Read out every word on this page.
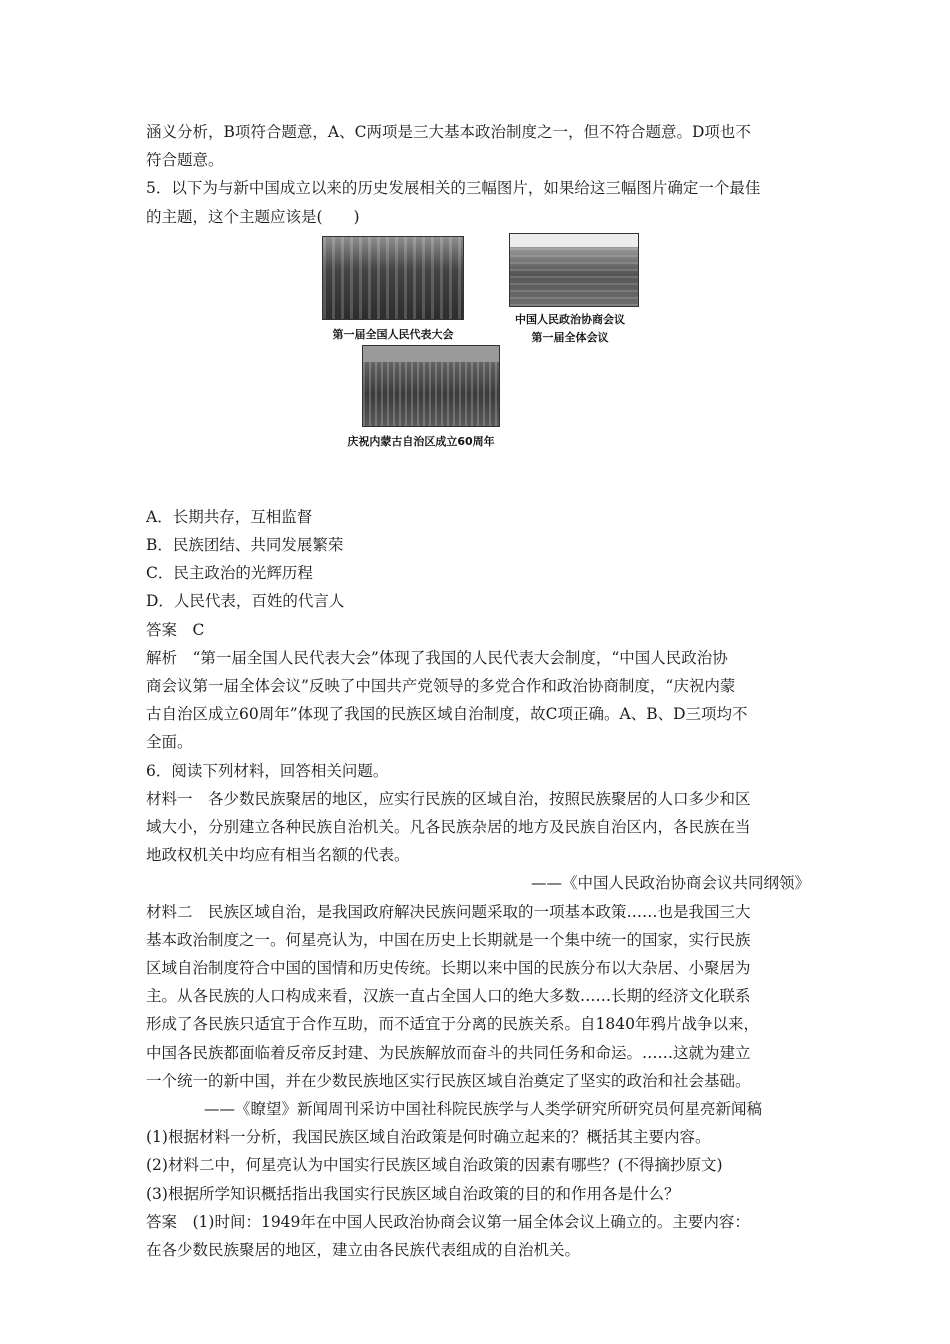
涵义分析，B项符合题意，A、C两项是三大基本政治制度之一，但不符合题意。D项也不

符合题意。

5．以下为与新中国成立以来的历史发展相关的三幅图片，如果给这三幅图片确定一个最佳

的主题，这个主题应该是(　　)

第一届全国人民代表大会
中国人民政治协商会议
第一届全体会议
庆祝内蒙古自治区成立60周年

A．长期共存，互相监督

B．民族团结、共同发展繁荣

C．民主政治的光辉历程

D．人民代表，百姓的代言人

答案　C

解析　“第一届全国人民代表大会”体现了我国的人民代表大会制度，“中国人民政治协

商会议第一届全体会议”反映了中国共产党领导的多党合作和政治协商制度，“庆祝内蒙

古自治区成立60周年”体现了我国的民族区域自治制度，故C项正确。A、B、D三项均不

全面。

6．阅读下列材料，回答相关问题。

材料一　各少数民族聚居的地区，应实行民族的区域自治，按照民族聚居的人口多少和区

域大小，分别建立各种民族自治机关。凡各民族杂居的地方及民族自治区内，各民族在当

地政权机关中均应有相当名额的代表。

——《中国人民政治协商会议共同纲领》

材料二　民族区域自治，是我国政府解决民族问题采取的一项基本政策……也是我国三大

基本政治制度之一。何星亮认为，中国在历史上长期就是一个集中统一的国家，实行民族

区域自治制度符合中国的国情和历史传统。长期以来中国的民族分布以大杂居、小聚居为

主。从各民族的人口构成来看，汉族一直占全国人口的绝大多数……长期的经济文化联系

形成了各民族只适宜于合作互助，而不适宜于分离的民族关系。自1840年鸦片战争以来，

中国各民族都面临着反帝反封建、为民族解放而奋斗的共同任务和命运。……这就为建立

一个统一的新中国，并在少数民族地区实行民族区域自治奠定了坚实的政治和社会基础。

——《瞭望》新闻周刊采访中国社科院民族学与人类学研究所研究员何星亮新闻稿

(1)根据材料一分析，我国民族区域自治政策是何时确立起来的？概括其主要内容。

(2)材料二中，何星亮认为中国实行民族区域自治政策的因素有哪些？(不得摘抄原文)

(3)根据所学知识概括指出我国实行民族区域自治政策的目的和作用各是什么？

答案　(1)时间：1949年在中国人民政治协商会议第一届全体会议上确立的。主要内容：

在各少数民族聚居的地区，建立由各民族代表组成的自治机关。
